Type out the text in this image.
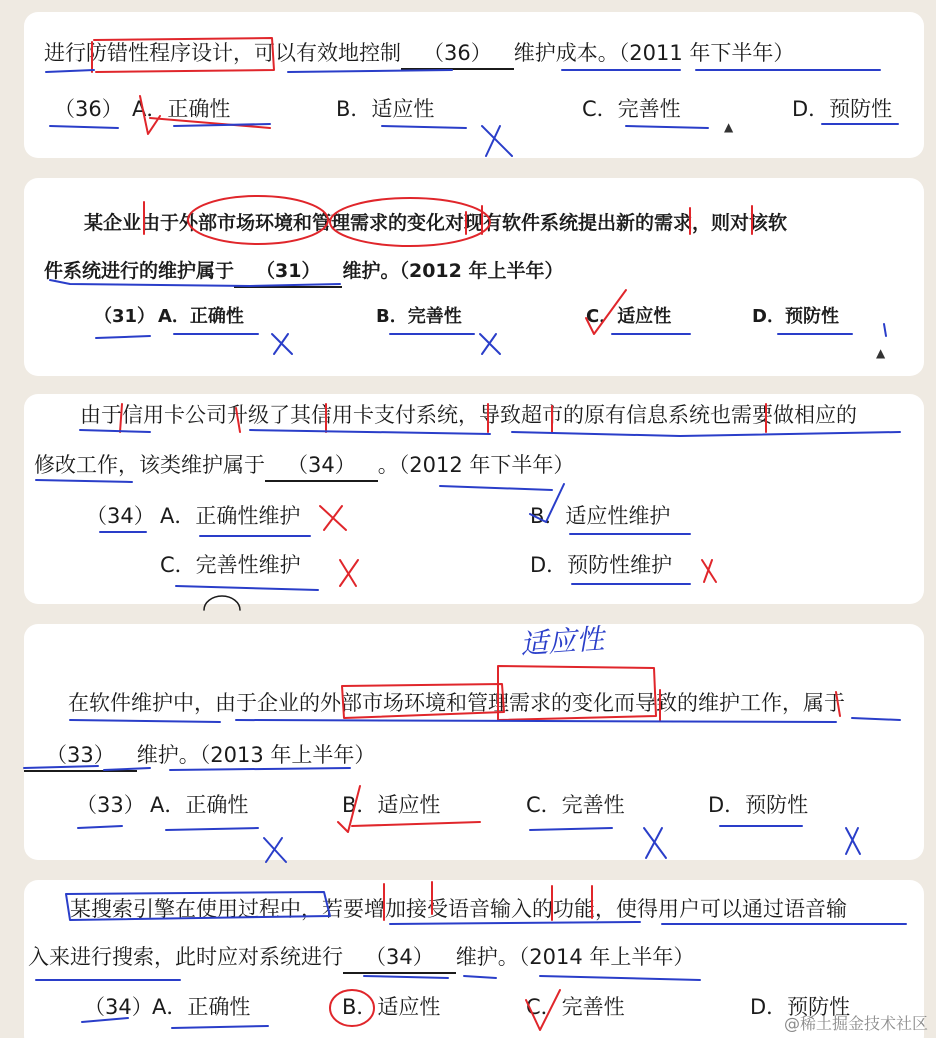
进行防错性程序设计，可以有效地控制 （36） 维护成本。（2011 年下半年）
（36） A．正确性	B．适应性	C．完善性	D．预防性
某企业由于外部市场环境和管理需求的变化对现有软件系统提出新的需求，则对该软
件系统进行的维护属于 （31） 维护。（2012 年上半年）
（31） A．正确性	B．完善性	C．适应性	D．预防性
由于信用卡公司升级了其信用卡支付系统，导致超市的原有信息系统也需要做相应的
修改工作，该类维护属于 （34） 。（2012 年下半年）
（34） A．正确性维护	B．适应性维护
C．完善性维护	D．预防性维护
适应性
在软件维护中，由于企业的外部市场环境和管理需求的变化而导致的维护工作，属于
（33） 维护。（2013 年上半年）
（33） A．正确性	B．适应性	C．完善性	D．预防性
某搜索引擎在使用过程中，若要增加接受语音输入的功能，使得用户可以通过语音输
入来进行搜索，此时应对系统进行 （34） 维护。（2014 年上半年）
（34） A．正确性	B．适应性	C．完善性	D．预防性
▲
▲
@稀土掘金技术社区
